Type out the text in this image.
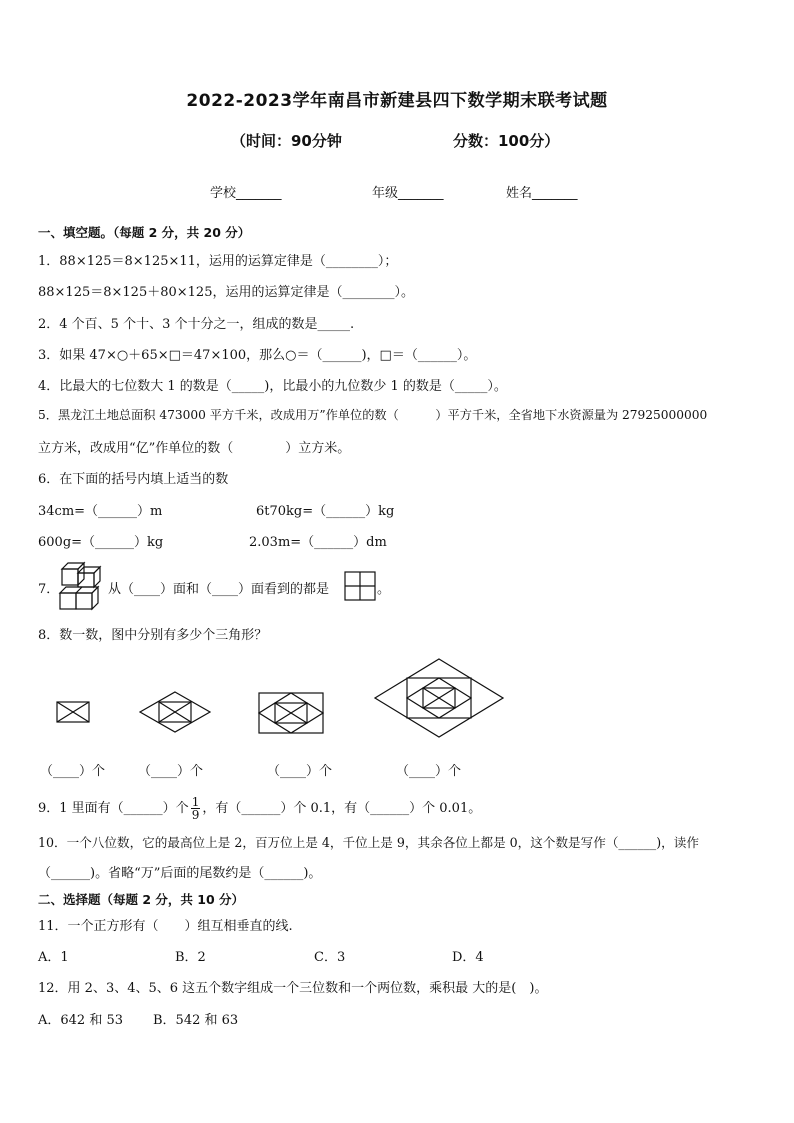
2022-2023学年南昌市新建县四下数学期末联考试题
（时间：90分钟	分数：100分）
学校_______	年级_______	姓名_______
一、填空题。（每题 2 分，共 20 分）
1．88×125＝8×125×11，运用的运算定律是（________）；
88×125＝8×125＋80×125，运用的运算定律是（________）。
2．4 个百、5 个十、3 个十分之一，组成的数是_____.
3．如果 47×○＋65×□＝47×100，那么○＝（______)，□＝（______）。
4．比最大的七位数大 1 的数是（_____)，比最小的九位数少 1 的数是（_____）。
5．黑龙江土地总面积 473000 平方千米，改成用万”作单位的数（　　　）平方千米，全省地下水资源量为 27925000000
立方米，改成用“亿”作单位的数（　　　　）立方米。
6．在下面的括号内填上适当的数
34cm=（______）m	6t70kg=（______）kg
600g=（______）kg	2.03m=（______）dm
7．	从（____）面和（____）面看到的都是	。
8．数一数，图中分别有多少个三角形？
（____）个	（____）个	（____）个	（____）个
9．1 里面有（______）个 $\frac{1}{9}$ ，有（______）个 0.1，有（______）个 0.01。
10．一个八位数，它的最高位上是 2，百万位上是 4，千位上是 9，其余各位上都是 0，这个数是写作（______)，读作
（______)。省略“万”后面的尾数约是（______)。
二、选择题（每题 2 分，共 10 分）
11．一个正方形有（　　）组互相垂直的线.
A．1	B．2	C．3	D．4
12．用 2、3、4、5、6 这五个数字组成一个三位数和一个两位数，乘积最 大的是(　)。
A．642 和 53 B．542 和 63
